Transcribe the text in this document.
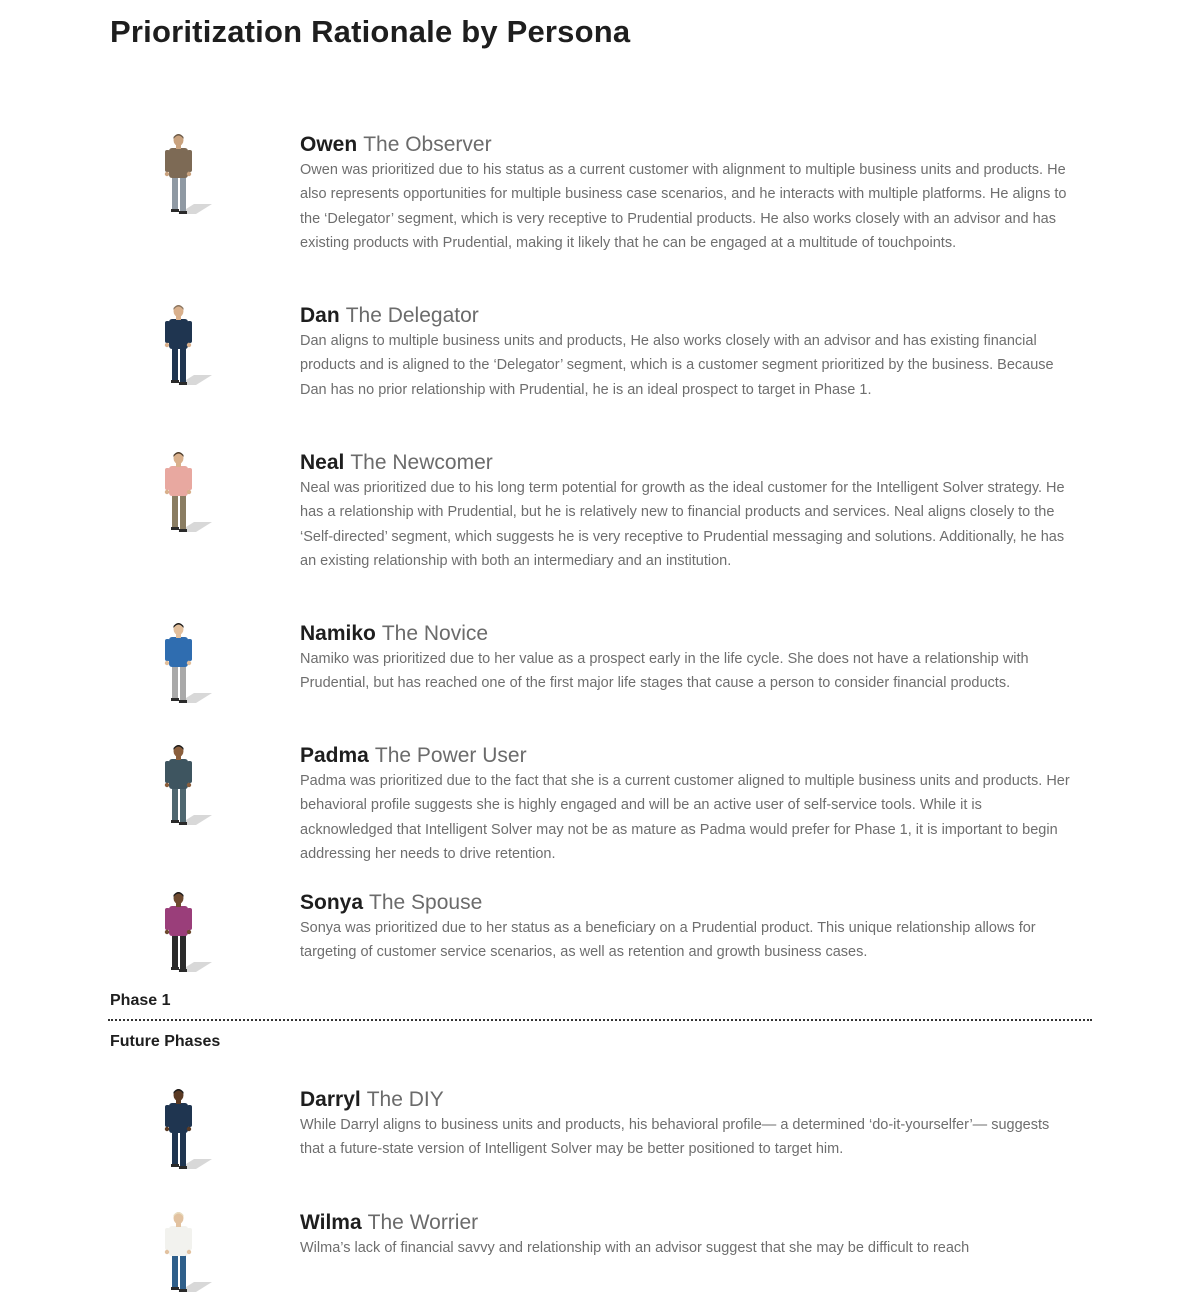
Prioritization Rationale by Persona
Owen The Observer

Owen was prioritized due to his status as a current customer with alignment to multiple business units and products. He also represents opportunities for multiple business case scenarios, and he interacts with multiple platforms. He aligns to the ‘Delegator’ segment, which is very receptive to Prudential products. He also works closely with an advisor and has existing products with Prudential, making it likely that he can be engaged at a multitude of touchpoints.

Dan The Delegator

Dan aligns to multiple business units and products, He also works closely with an advisor and has existing financial products and is aligned to the ‘Delegator’ segment, which is a customer segment prioritized by the business. Because Dan has no prior relationship with Prudential, he is an ideal prospect to target in Phase 1.

Neal The Newcomer

Neal was prioritized due to his long term potential for growth as the ideal customer for the Intelligent Solver strategy. He has a relationship with Prudential, but he is relatively new to financial products and services. Neal aligns closely to the ‘Self-directed’ segment, which suggests he is very receptive to Prudential messaging and solutions. Additionally, he has an existing relationship with both an intermediary and an institution.

Namiko The Novice

Namiko was prioritized due to her value as a prospect early in the life cycle. She does not have a relationship with Prudential, but has reached one of the first major life stages that cause a person to consider financial products.

Padma The Power User

Padma was prioritized due to the fact that she is a current customer aligned to multiple business units and products. Her behavioral profile suggests she is highly engaged and will be an active user of self-service tools. While it is acknowledged that Intelligent Solver may not be as mature as Padma would prefer for Phase 1, it is important to begin addressing her needs to drive retention.

Sonya The Spouse

Sonya was prioritized due to her status as a beneficiary on a Prudential product. This unique relationship allows for targeting of customer service scenarios, as well as retention and growth business cases.

Phase 1
Future Phases
Darryl The DIY

While Darryl aligns to business units and products, his behavioral profile— a determined ‘do-it-yourselfer’— suggests that a future-state version of Intelligent Solver may be better positioned to target him.

Wilma The Worrier

Wilma’s lack of financial savvy and relationship with an advisor suggest that she may be difficult to reach
